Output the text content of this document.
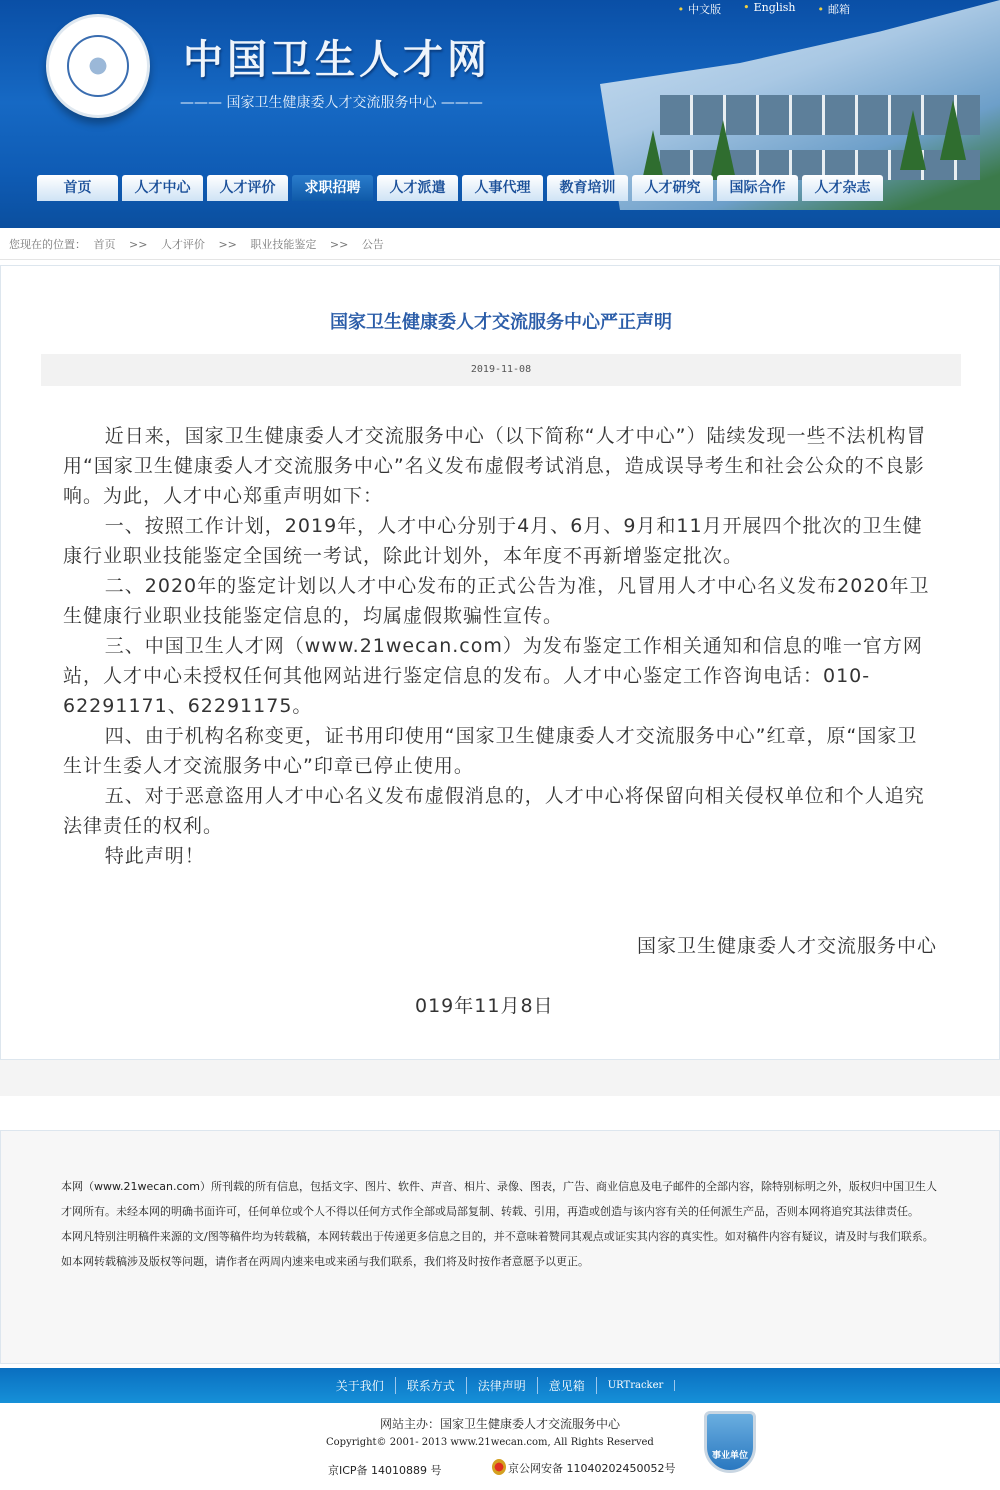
• 中文版	• English	• 邮箱
中国卫生人才网
——— 国家卫生健康委人才交流服务中心 ———
首页	人才中心	人才评价	求职招聘	人才派遣	人事代理	教育培训	人才研究	国际合作	人才杂志
您现在的位置： 首页 >> 人才评价 >> 职业技能鉴定 >> 公告
国家卫生健康委人才交流服务中心严正声明
2019-11-08

近日来，国家卫生健康委人才交流服务中心（以下简称“人才中心”）陆续发现一些不法机构冒用“国家卫生健康委人才交流服务中心”名义发布虚假考试消息，造成误导考生和社会公众的不良影响。为此，人才中心郑重声明如下：

一、按照工作计划，2019年，人才中心分别于4月、6月、9月和11月开展四个批次的卫生健康行业职业技能鉴定全国统一考试，除此计划外，本年度不再新增鉴定批次。

二、2020年的鉴定计划以人才中心发布的正式公告为准，凡冒用人才中心名义发布2020年卫生健康行业职业技能鉴定信息的，均属虚假欺骗性宣传。

三、中国卫生人才网（www.21wecan.com）为发布鉴定工作相关通知和信息的唯一官方网站，人才中心未授权任何其他网站进行鉴定信息的发布。人才中心鉴定工作咨询电话：010-62291171、62291175。

四、由于机构名称变更，证书用印使用“国家卫生健康委人才交流服务中心”红章，原“国家卫生计生委人才交流服务中心”印章已停止使用。

五、对于恶意盗用人才中心名义发布虚假消息的，人才中心将保留向相关侵权单位和个人追究法律责任的权利。

特此声明！

国家卫生健康委人才交流服务中心
019年11月8日
本网（www.21wecan.com）所刊载的所有信息，包括文字、图片、软件、声音、相片、录像、图表，广告、商业信息及电子邮件的全部内容，除特别标明之外，版权归中国卫生人才网所有。未经本网的明确书面许可，任何单位或个人不得以任何方式作全部或局部复制、转载、引用，再造或创造与该内容有关的任何派生产品，否则本网将追究其法律责任。
本网凡特别注明稿件来源的文/图等稿件均为转载稿，本网转载出于传递更多信息之目的，并不意味着赞同其观点或证实其内容的真实性。如对稿件内容有疑议，请及时与我们联系。
如本网转载稿涉及版权等问题，请作者在两周内速来电或来函与我们联系，我们将及时按作者意愿予以更正。
关于我们	联系方式	法律声明	意见箱	URTracker
网站主办：国家卫生健康委人才交流服务中心
Copyright© 2001- 2013 www.21wecan.com, All Rights Reserved
京ICP备 14010889 号	京公网安备 11040202450052号
事业单位
